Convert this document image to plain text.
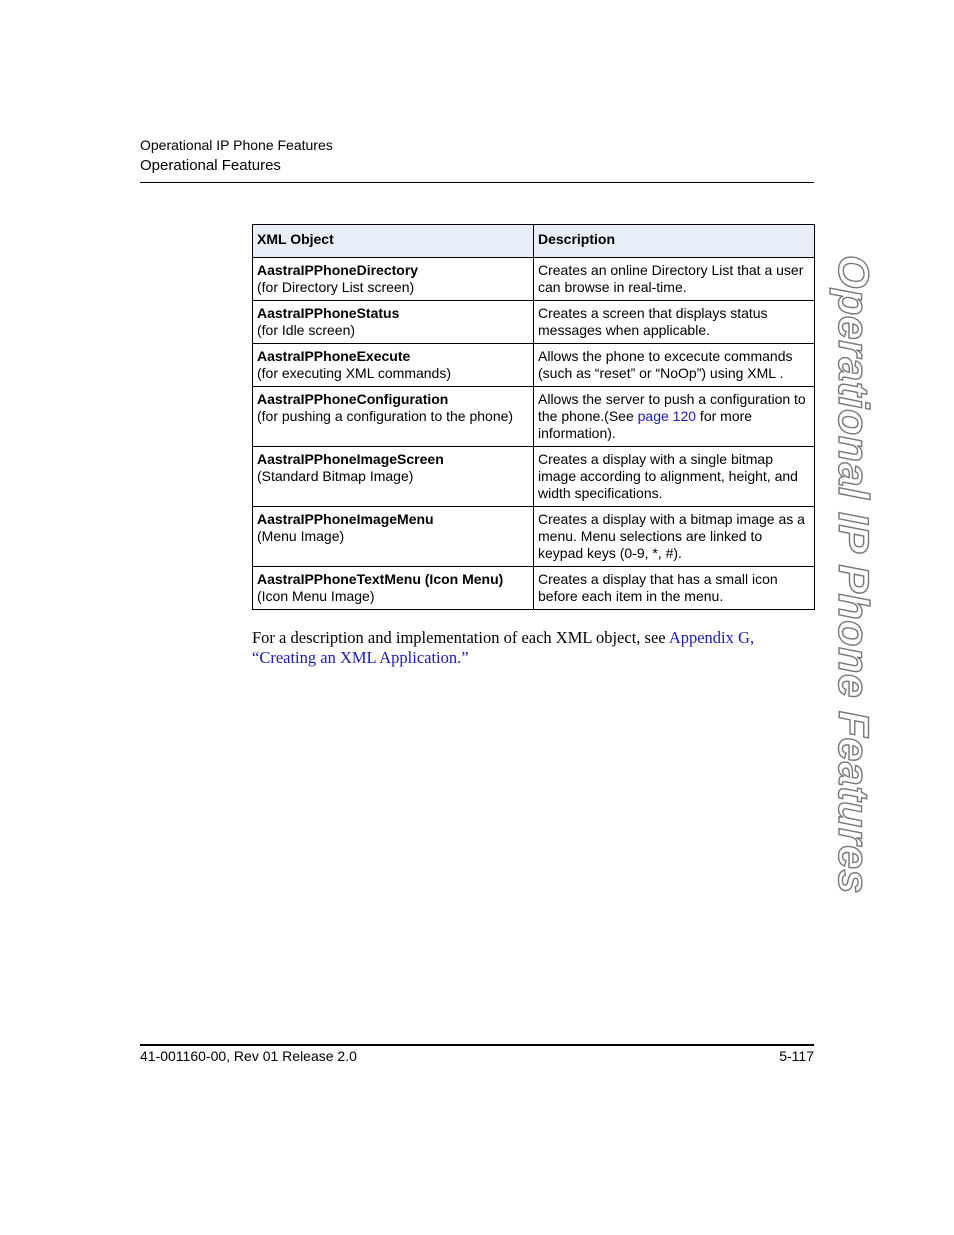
Operational IP Phone Features
Operational Features
XML Object	Description

AastraIPPhoneDirectory
(for Directory List screen)	Creates an online Directory List that a user can browse in real-time.

AastraIPPhoneStatus
(for Idle screen)	Creates a screen that displays status messages when applicable.

AastraIPPhoneExecute
(for executing XML commands)	Allows the phone to excecute commands (such as “reset” or “NoOp”) using XML .

AastraIPPhoneConfiguration
(for pushing a configuration to the phone)	Allows the server to push a configuration to the phone.(See page 120 for more information).

AastraIPPhoneImageScreen
(Standard Bitmap Image)	Creates a display with a single bitmap image according to alignment, height, and width specifications.

AastraIPPhoneImageMenu
(Menu Image)	Creates a display with a bitmap image as a menu. Menu selections are linked to keypad keys (0-9, *, #).

AastraIPPhoneTextMenu (Icon Menu)
(Icon Menu Image)	Creates a display that has a small icon before each item in the menu.
For a description and implementation of each XML object, see Appendix G,
“Creating an XML Application.”	Operational IP Phone Features
41-001160-00, Rev 01 Release 2.0	5-117
